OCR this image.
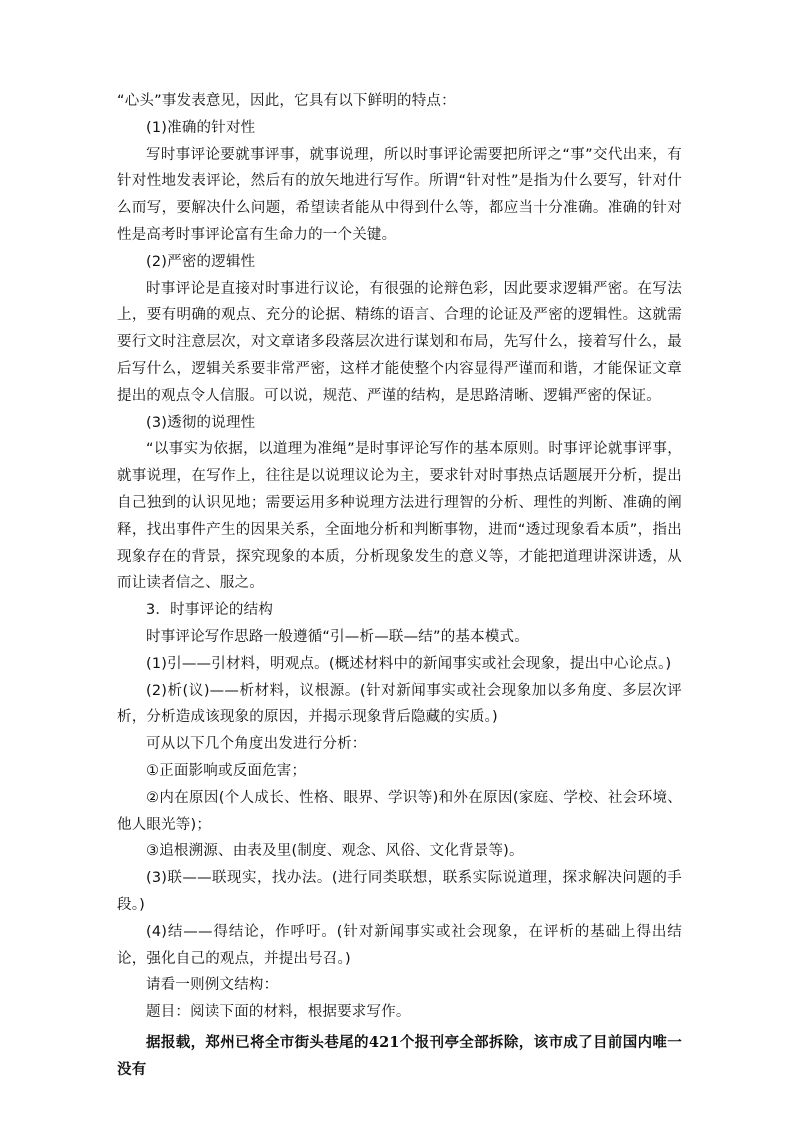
“心头”事发表意见，因此，它具有以下鲜明的特点：

(1)准确的针对性

写时事评论要就事评事，就事说理，所以时事评论需要把所评之“事”交代出来，有针对性地发表评论，然后有的放矢地进行写作。所谓“针对性”是指为什么要写，针对什么而写，要解决什么问题，希望读者能从中得到什么等，都应当十分准确。准确的针对性是高考时事评论富有生命力的一个关键。

(2)严密的逻辑性

时事评论是直接对时事进行议论，有很强的论辩色彩，因此要求逻辑严密。在写法上，要有明确的观点、充分的论据、精练的语言、合理的论证及严密的逻辑性。这就需要行文时注意层次，对文章诸多段落层次进行谋划和布局，先写什么，接着写什么，最后写什么，逻辑关系要非常严密，这样才能使整个内容显得严谨而和谐，才能保证文章提出的观点令人信服。可以说，规范、严谨的结构，是思路清晰、逻辑严密的保证。

(3)透彻的说理性

“以事实为依据，以道理为准绳”是时事评论写作的基本原则。时事评论就事评事，就事说理，在写作上，往往是以说理议论为主，要求针对时事热点话题展开分析，提出自己独到的认识见地；需要运用多种说理方法进行理智的分析、理性的判断、准确的阐释，找出事件产生的因果关系，全面地分析和判断事物，进而“透过现象看本质”，指出现象存在的背景，探究现象的本质，分析现象发生的意义等，才能把道理讲深讲透，从而让读者信之、服之。

3．时事评论的结构

时事评论写作思路一般遵循“引—析—联—结”的基本模式。

(1)引——引材料，明观点。(概述材料中的新闻事实或社会现象，提出中心论点。)

(2)析(议)——析材料，议根源。(针对新闻事实或社会现象加以多角度、多层次评析，分析造成该现象的原因，并揭示现象背后隐藏的实质。)

可从以下几个角度出发进行分析：

①正面影响或反面危害；

②内在原因(个人成长、性格、眼界、学识等)和外在原因(家庭、学校、社会环境、他人眼光等)；

③追根溯源、由表及里(制度、观念、风俗、文化背景等)。

(3)联——联现实，找办法。(进行同类联想，联系实际说道理，探求解决问题的手段。)

(4)结——得结论，作呼吁。(针对新闻事实或社会现象，在评析的基础上得出结论，强化自己的观点，并提出号召。)

请看一则例文结构：

题目：阅读下面的材料，根据要求写作。

据报载，郑州已将全市街头巷尾的421个报刊亭全部拆除，该市成了目前国内唯一没有
